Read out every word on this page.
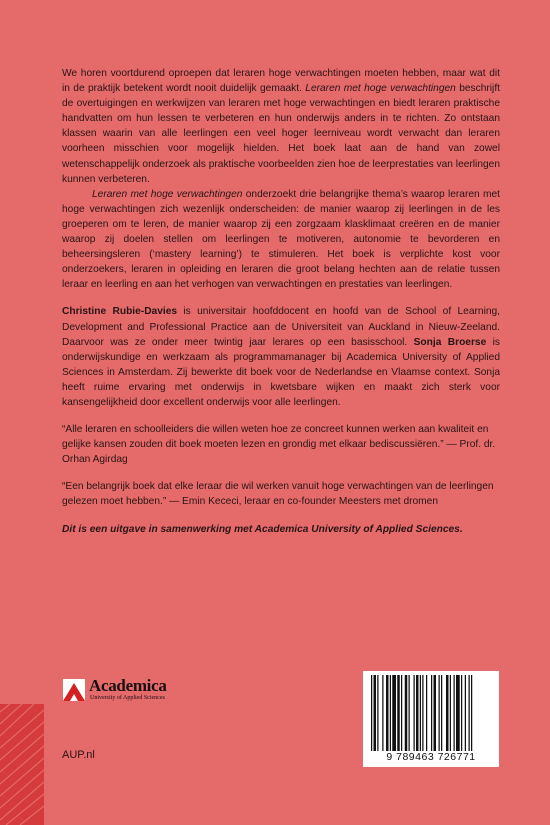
We horen voortdurend oproepen dat leraren hoge verwachtingen moeten hebben, maar wat dit in de praktijk betekent wordt nooit duidelijk gemaakt. Leraren met hoge verwachtingen beschrijft de overtuigingen en werkwijzen van leraren met hoge verwachtingen en biedt leraren praktische handvatten om hun lessen te verbeteren en hun onderwijs anders in te richten. Zo ontstaan klassen waarin van alle leerlingen een veel hoger leerniveau wordt verwacht dan leraren voorheen misschien voor mogelijk hielden. Het boek laat aan de hand van zowel wetenschappelijk onderzoek als praktische voorbeelden zien hoe de leerprestaties van leerlingen kunnen verbeteren.

Leraren met hoge verwachtingen onderzoekt drie belangrijke thema’s waarop leraren met hoge verwachtingen zich wezenlijk onderscheiden: de manier waarop zij leerlingen in de les groeperen om te leren, de manier waarop zij een zorgzaam klasklimaat creëren en de manier waarop zij doelen stellen om leerlingen te motiveren, autonomie te bevorderen en beheersingsleren (‘mastery learning’) te stimuleren. Het boek is verplichte kost voor onderzoekers, leraren in opleiding en leraren die groot belang hechten aan de relatie tussen leraar en leerling en aan het verhogen van verwachtingen en prestaties van leerlingen.

Christine Rubie-Davies is universitair hoofddocent en hoofd van de School of Learning, Development and Professional Practice aan de Universiteit van Auckland in Nieuw-Zeeland. Daarvoor was ze onder meer twintig jaar lerares op een basisschool. Sonja Broerse is onderwijskundige en werkzaam als programmamanager bij Academica University of Applied Sciences in Amsterdam. Zij bewerkte dit boek voor de Nederlandse en Vlaamse context. Sonja heeft ruime ervaring met onderwijs in kwetsbare wijken en maakt zich sterk voor kansengelijkheid door excellent onderwijs voor alle leerlingen.

“Alle leraren en schoolleiders die willen weten hoe ze concreet kunnen werken aan kwaliteit en gelijke kansen zouden dit boek moeten lezen en grondig met elkaar bediscussiëren.” — Prof. dr. Orhan Agirdag

“Een belangrijk boek dat elke leraar die wil werken vanuit hoge verwachtingen van de leerlingen gelezen moet hebben.” — Emin Kececi, leraar en co-founder Meesters met dromen

Dit is een uitgave in samenwerking met Academica University of Applied Sciences.

Academica
University of Applied Sciences
AUP.nl	9 789463 726771
